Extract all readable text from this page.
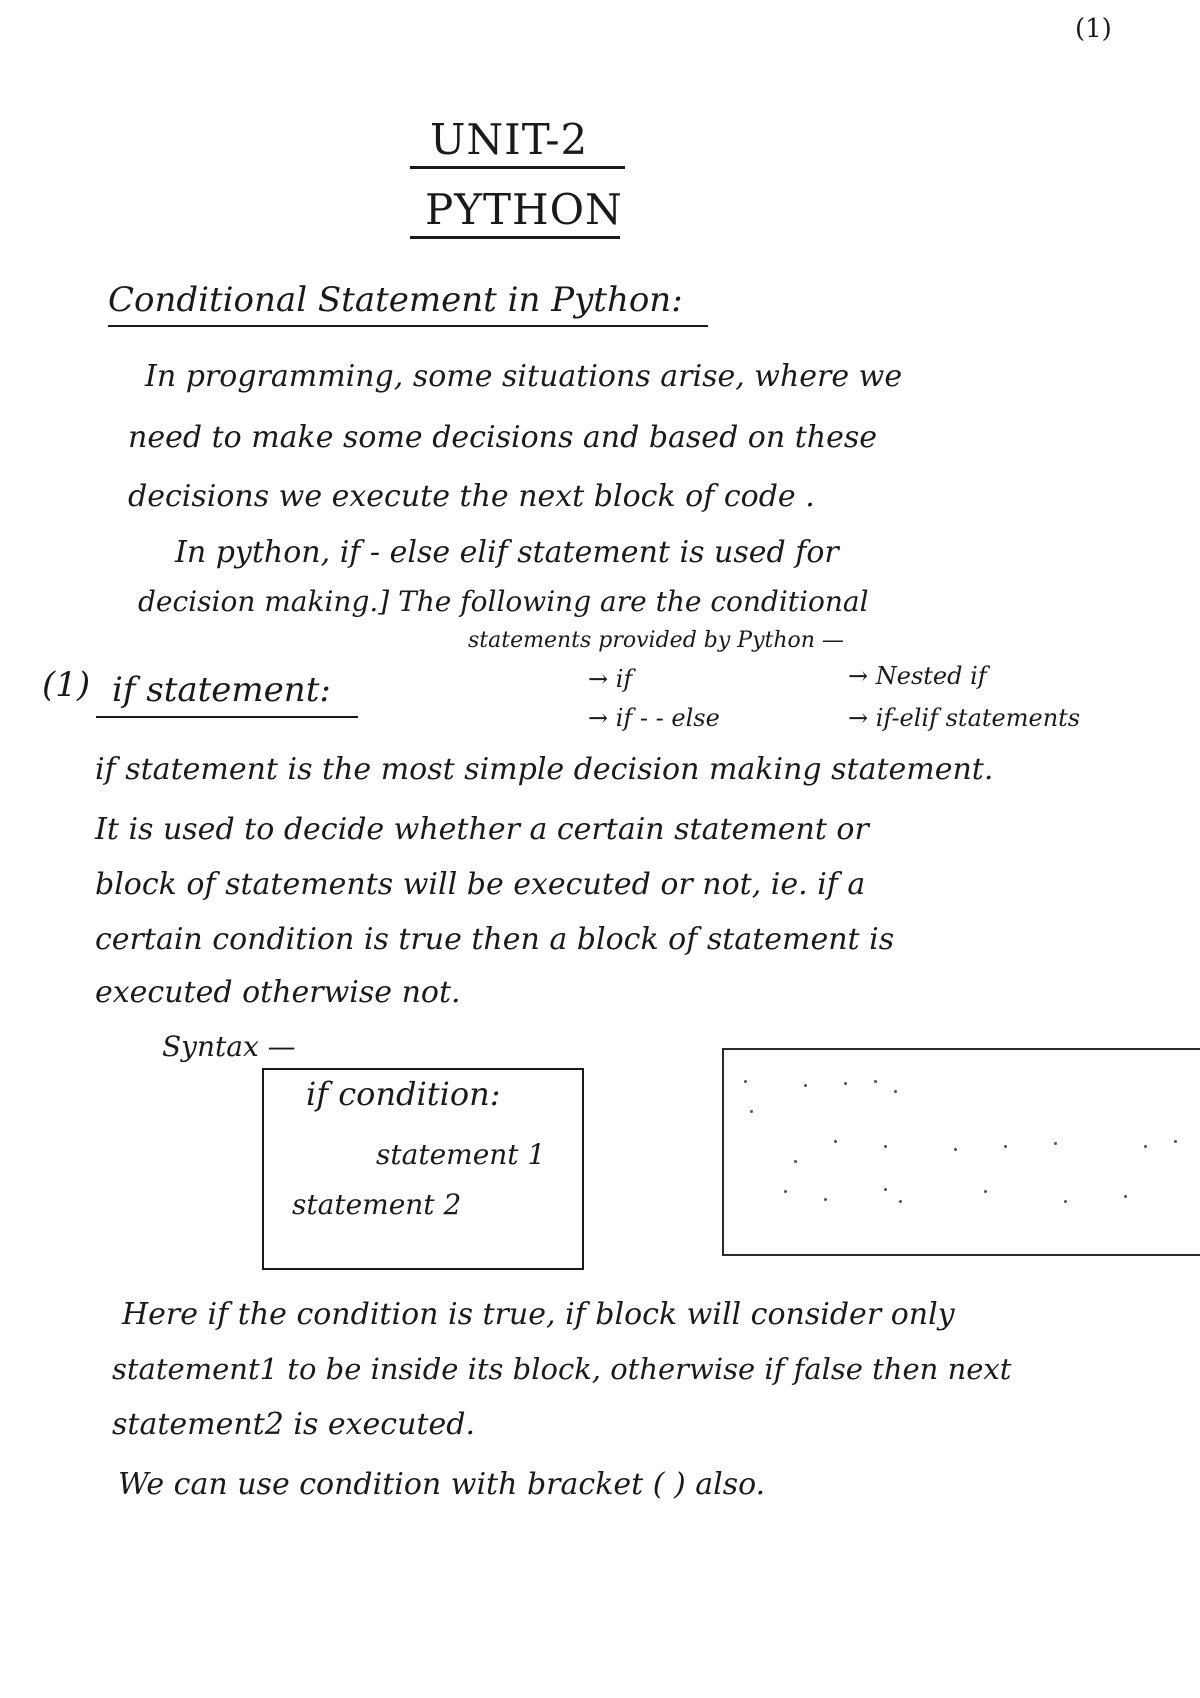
(1)
UNIT-2
PYTHON
Conditional Statement in Python:
In programming, some situations arise, where we
need to make some decisions and based on these
decisions we execute the next block of code .
In python, if - else elif statement is used for
decision making.] The following are the conditional
statements provided by Python —
(1) if statement:	→ if
→ if - - else
→ Nested if
→ if-elif statements
if statement is the most simple decision making statement.
It is used to decide whether a certain statement or
block of statements will be executed or not, ie. if a
certain condition is true then a block of statement is
executed otherwise not.
Syntax —
if condition:
statement 1
statement 2
Here if the condition is true, if block will consider only
statement1 to be inside its block, otherwise if false then next
statement2 is executed.
We can use condition with bracket ( ) also.
